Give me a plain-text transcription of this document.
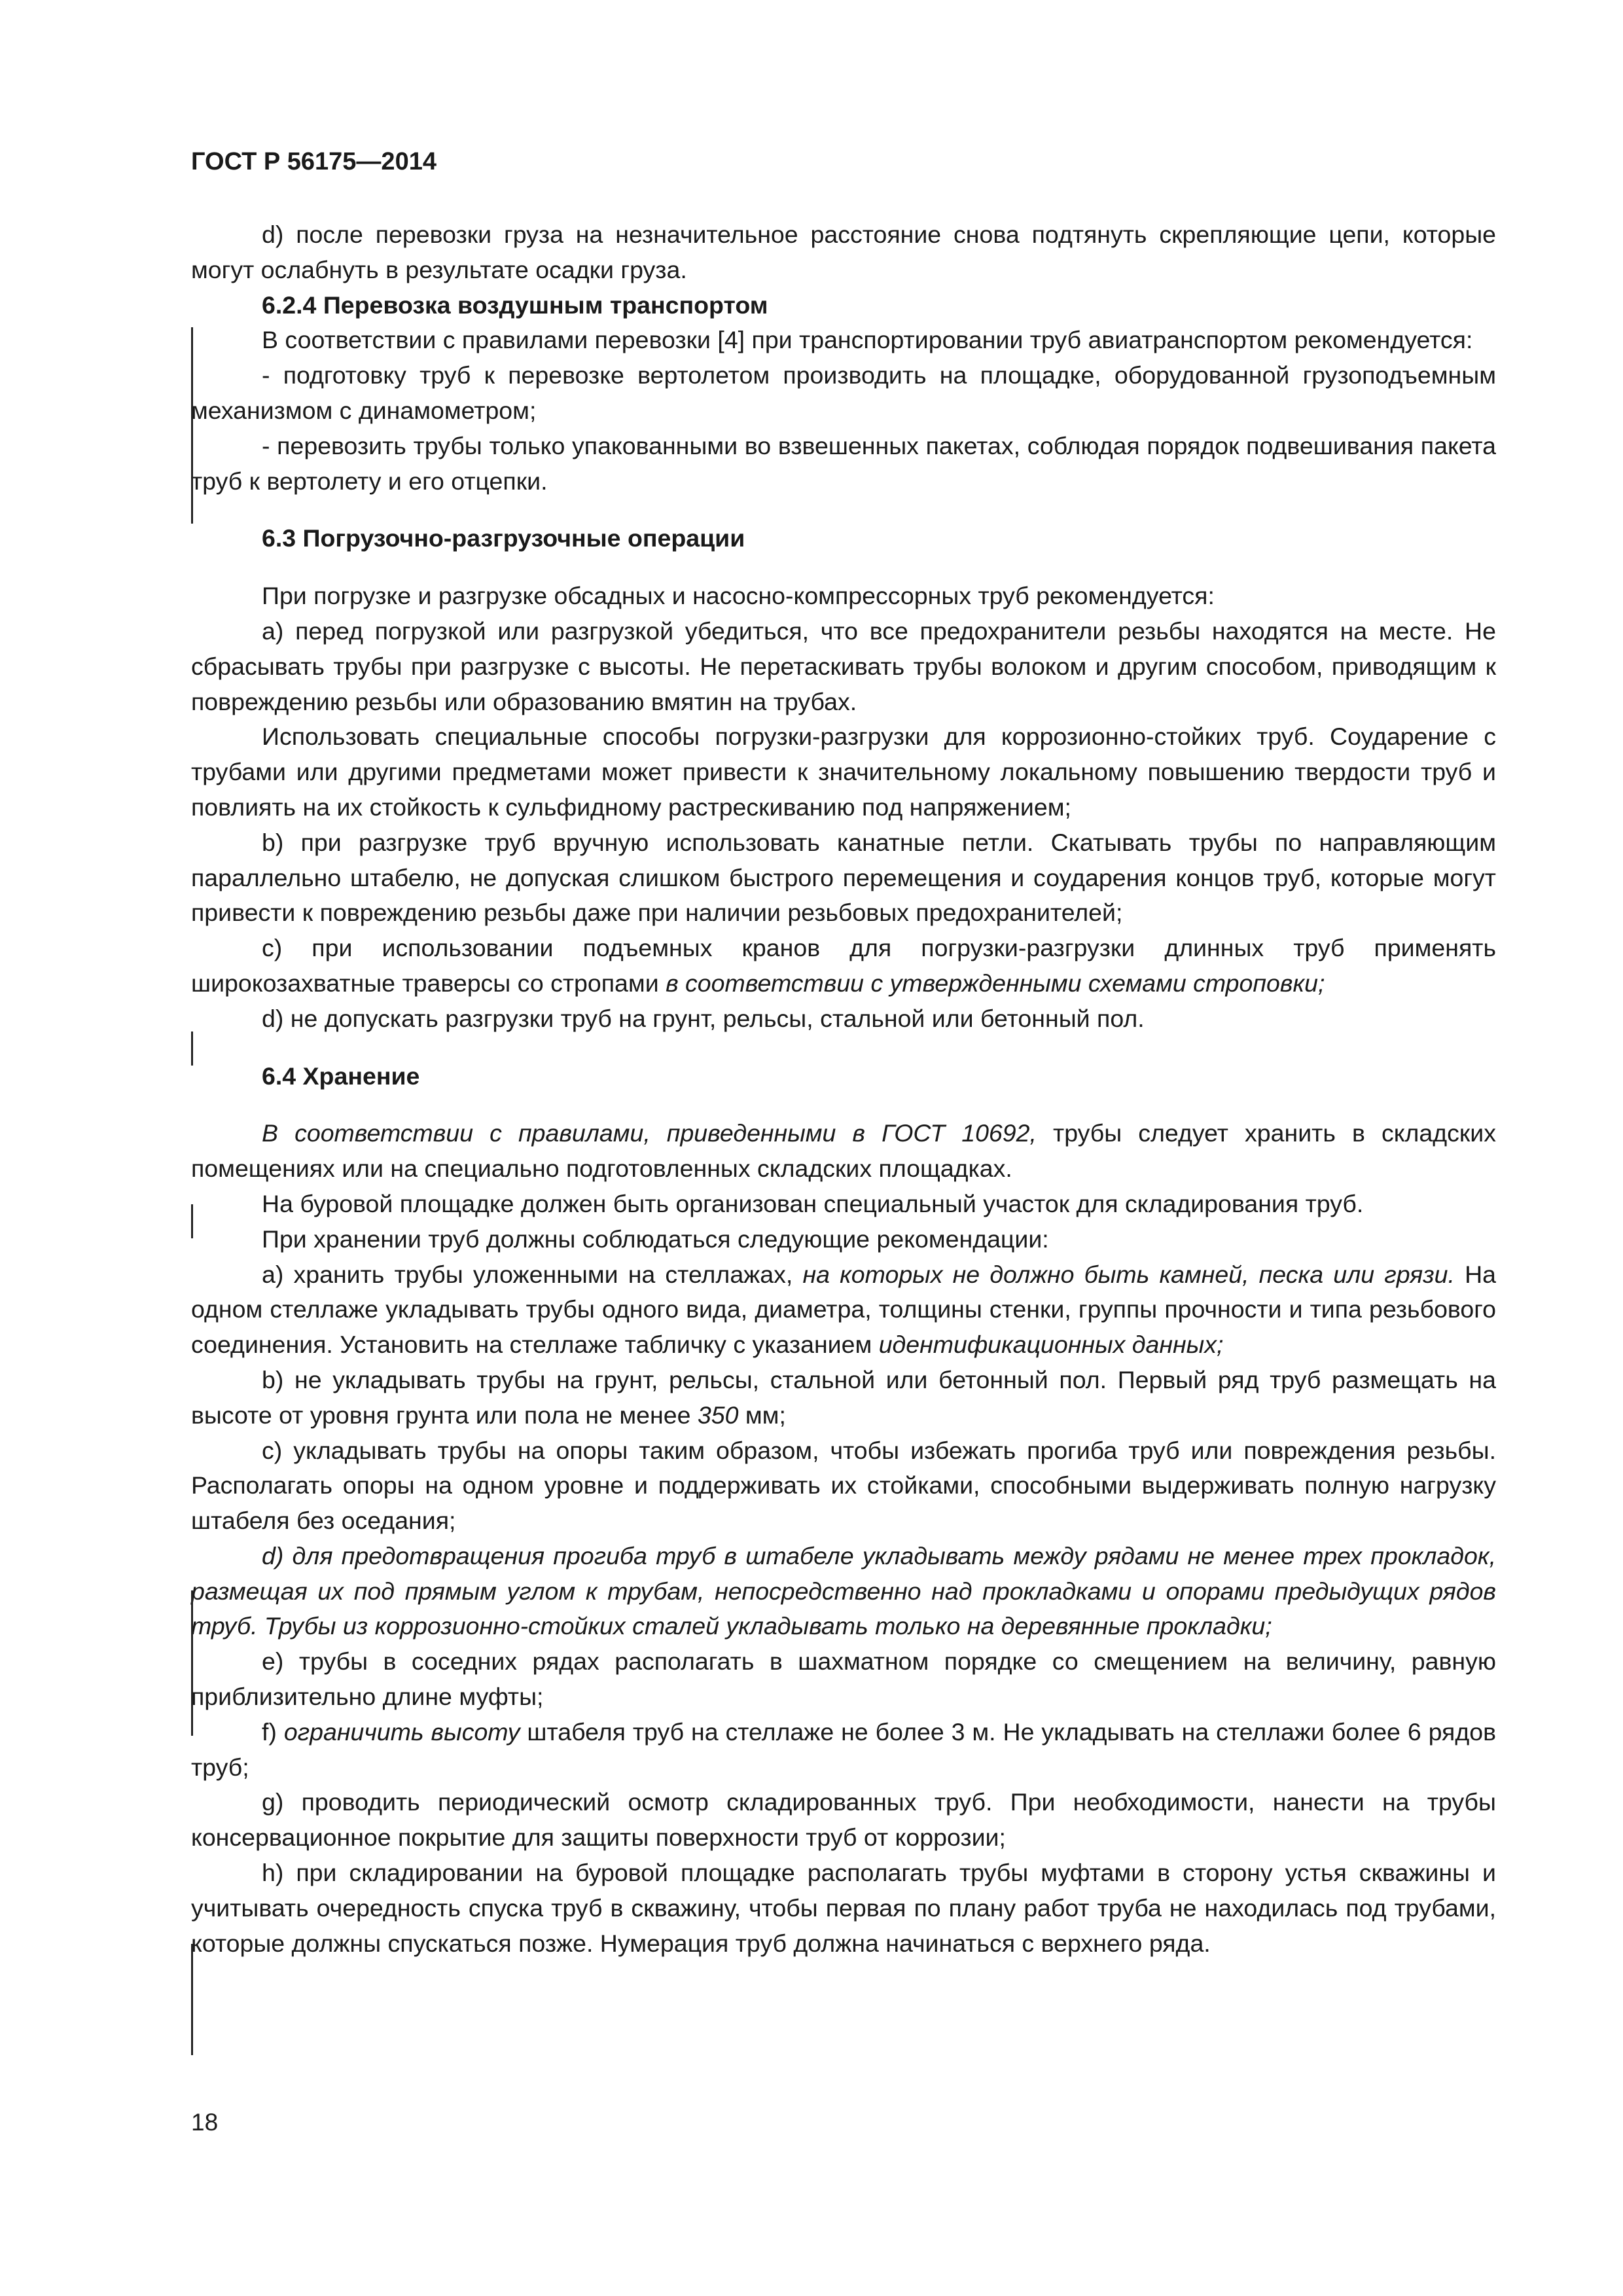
ГОСТ Р 56175—2014

d) после перевозки груза на незначительное расстояние снова подтянуть скрепляющие цепи, которые могут ослабнуть в результате осадки груза.

6.2.4 Перевозка воздушным транспортом

В соответствии с правилами перевозки [4] при транспортировании труб авиатранспортом рекомендуется:

- подготовку труб к перевозке вертолетом производить на площадке, оборудованной грузоподъемным механизмом с динамометром;

- перевозить трубы только упакованными во взвешенных пакетах, соблюдая порядок подвешивания пакета труб к вертолету и его отцепки.

6.3 Погрузочно-разгрузочные операции

При погрузке и разгрузке обсадных и насосно-компрессорных труб рекомендуется:

а) перед погрузкой или разгрузкой убедиться, что все предохранители резьбы находятся на месте. Не сбрасывать трубы при разгрузке с высоты. Не перетаскивать трубы волоком и другим способом, приводящим к повреждению резьбы или образованию вмятин на трубах.

Использовать специальные способы погрузки-разгрузки для коррозионно-стойких труб. Соударение с трубами или другими предметами может привести к значительному локальному повышению твердости труб и повлиять на их стойкость к сульфидному растрескиванию под напряжением;

b) при разгрузке труб вручную использовать канатные петли. Скатывать трубы по направляющим параллельно штабелю, не допуская слишком быстрого перемещения и соударения концов труб, которые могут привести к повреждению резьбы даже при наличии резьбовых предохранителей;

с) при использовании подъемных кранов для погрузки-разгрузки длинных труб применять широкозахватные траверсы со стропами в соответствии с утвержденными схемами строповки;

d) не допускать разгрузки труб на грунт, рельсы, стальной или бетонный пол.

6.4 Хранение

В соответствии с правилами, приведенными в ГОСТ 10692, трубы следует хранить в складских помещениях или на специально подготовленных складских площадках.

На буровой площадке должен быть организован специальный участок для складирования труб.

При хранении труб должны соблюдаться следующие рекомендации:

а) хранить трубы уложенными на стеллажах, на которых не должно быть камней, песка или грязи. На одном стеллаже укладывать трубы одного вида, диаметра, толщины стенки, группы прочности и типа резьбового соединения. Установить на стеллаже табличку с указанием идентификационных данных;

b) не укладывать трубы на грунт, рельсы, стальной или бетонный пол. Первый ряд труб размещать на высоте от уровня грунта или пола не менее 350 мм;

с) укладывать трубы на опоры таким образом, чтобы избежать прогиба труб или повреждения резьбы. Располагать опоры на одном уровне и поддерживать их стойками, способными выдерживать полную нагрузку штабеля без оседания;

d) для предотвращения прогиба труб в штабеле укладывать между рядами не менее трех прокладок, размещая их под прямым углом к трубам, непосредственно над прокладками и опорами предыдущих рядов труб. Трубы из коррозионно-стойких сталей укладывать только на деревянные прокладки;

е) трубы в соседних рядах располагать в шахматном порядке со смещением на величину, равную приблизительно длине муфты;

f) ограничить высоту штабеля труб на стеллаже не более 3 м. Не укладывать на стеллажи более 6 рядов труб;

g) проводить периодический осмотр складированных труб. При необходимости, нанести на трубы консервационное покрытие для защиты поверхности труб от коррозии;

h) при складировании на буровой площадке располагать трубы муфтами в сторону устья скважины и учитывать очередность спуска труб в скважину, чтобы первая по плану работ труба не находилась под трубами, которые должны спускаться позже. Нумерация труб должна начинаться с верхнего ряда.

18
